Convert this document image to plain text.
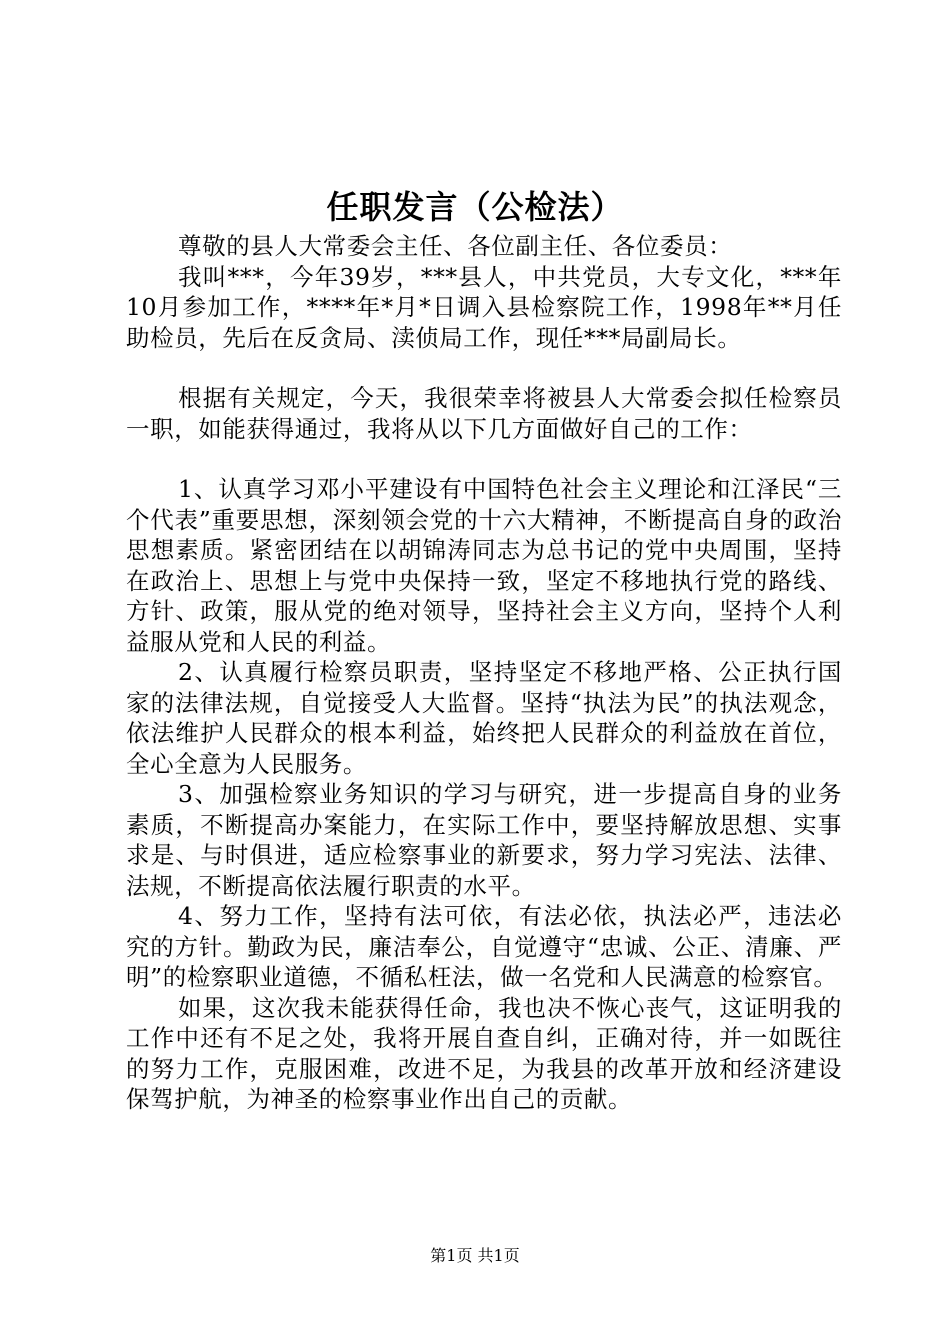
任职发言（公检法）

尊敬的县人大常委会主任、各位副主任、各位委员：

我叫***，今年39岁，***县人，中共党员，大专文化，***年10月参加工作，****年*月*日调入县检察院工作，1998年**月任助检员，先后在反贪局、渎侦局工作，现任***局副局长。

根据有关规定，今天，我很荣幸将被县人大常委会拟任检察员一职，如能获得通过，我将从以下几方面做好自己的工作：

1、认真学习邓小平建设有中国特色社会主义理论和江泽民“三个代表”重要思想，深刻领会党的十六大精神，不断提高自身的政治思想素质。紧密团结在以胡锦涛同志为总书记的党中央周围，坚持在政治上、思想上与党中央保持一致，坚定不移地执行党的路线、方针、政策，服从党的绝对领导，坚持社会主义方向，坚持个人利益服从党和人民的利益。

2、认真履行检察员职责，坚持坚定不移地严格、公正执行国家的法律法规，自觉接受人大监督。坚持“执法为民”的执法观念，依法维护人民群众的根本利益，始终把人民群众的利益放在首位，全心全意为人民服务。

3、加强检察业务知识的学习与研究，进一步提高自身的业务素质，不断提高办案能力，在实际工作中，要坚持解放思想、实事求是、与时俱进，适应检察事业的新要求，努力学习宪法、法律、法规，不断提高依法履行职责的水平。

4、努力工作，坚持有法可依，有法必依，执法必严，违法必究的方针。勤政为民，廉洁奉公，自觉遵守“忠诚、公正、清廉、严明”的检察职业道德，不循私枉法，做一名党和人民满意的检察官。

如果，这次我未能获得任命，我也决不恢心丧气，这证明我的工作中还有不足之处，我将开展自查自纠，正确对待，并一如既往的努力工作，克服困难，改进不足，为我县的改革开放和经济建设保驾护航，为神圣的检察事业作出自己的贡献。

第1页 共1页
